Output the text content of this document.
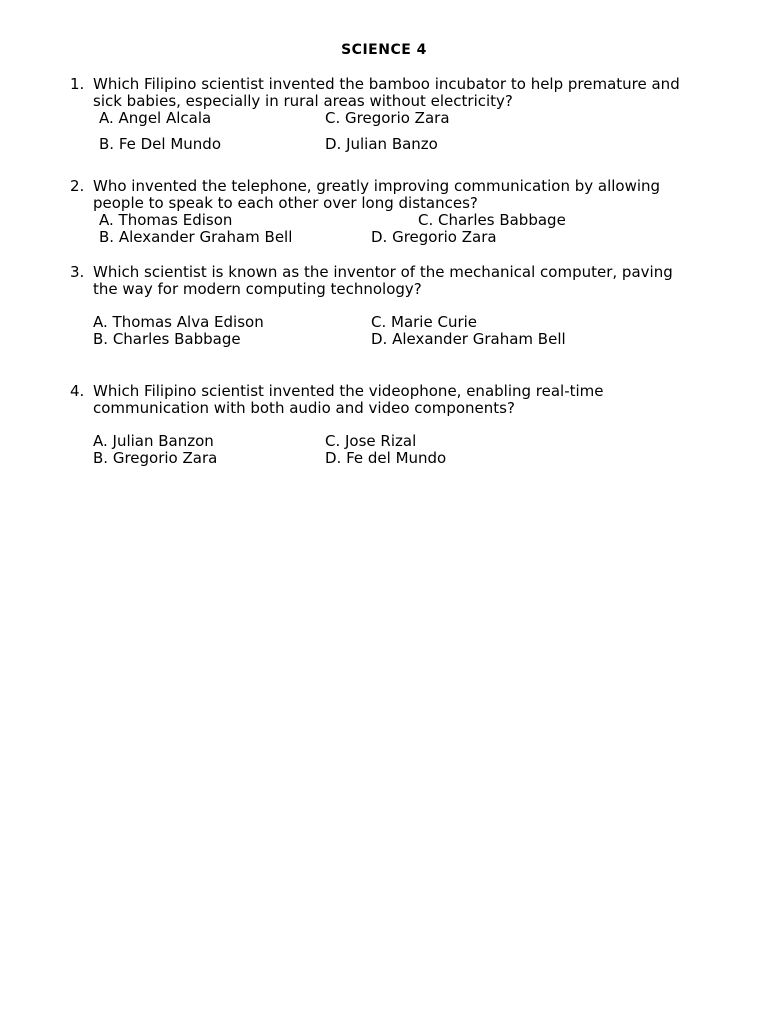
SCIENCE 4
1. Which Filipino scientist invented the bamboo incubator to help premature and
sick babies, especially in rural areas without electricity?
A. Angel Alcala	C. Gregorio Zara
B. Fe Del Mundo	D. Julian Banzo
2. Who invented the telephone, greatly improving communication by allowing
people to speak to each other over long distances?
A. Thomas Edison	C. Charles Babbage
B. Alexander Graham Bell	D. Gregorio Zara
3. Which scientist is known as the inventor of the mechanical computer, paving
the way for modern computing technology?
A. Thomas Alva Edison	C. Marie Curie
B. Charles Babbage	D. Alexander Graham Bell
4. Which Filipino scientist invented the videophone, enabling real-time
communication with both audio and video components?
A. Julian Banzon	C. Jose Rizal
B. Gregorio Zara	D. Fe del Mundo
